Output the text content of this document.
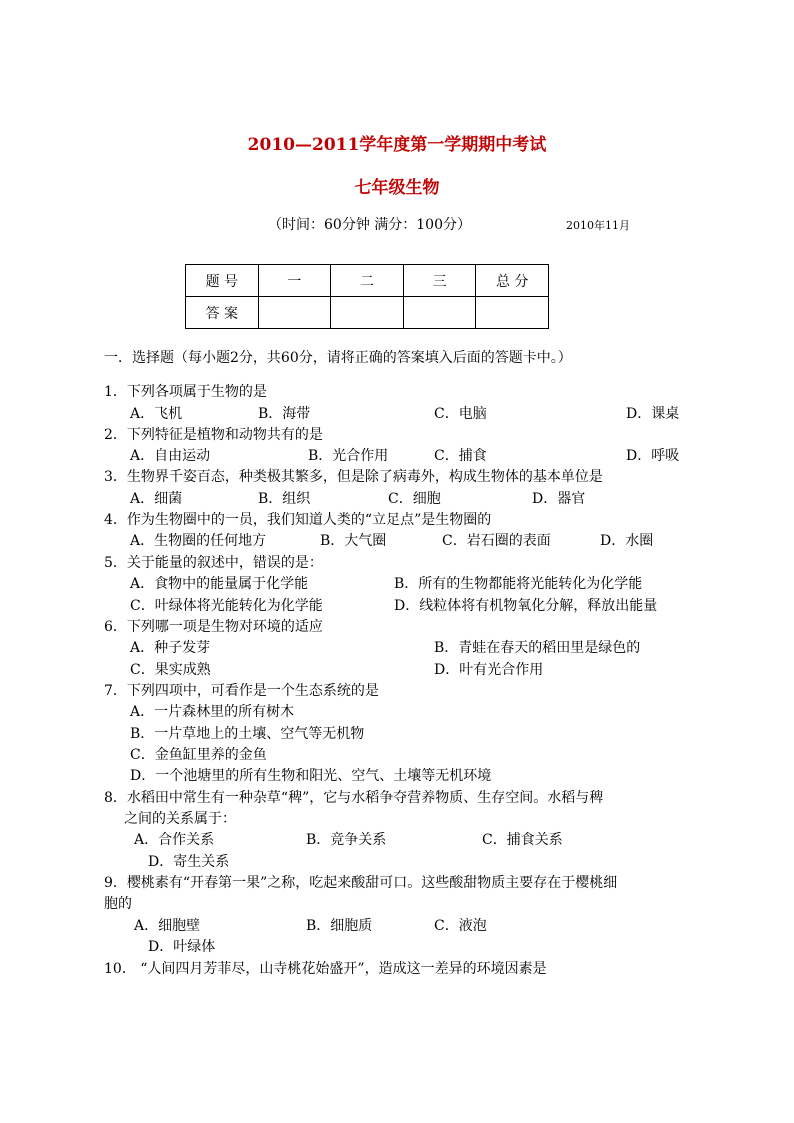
2010—2011学年度第一学期期中考试
七年级生物
（时间：60分钟 满分：100分）	2010年11月
题 号	一	二	三	总 分
答 案				
一．选择题（每小题2分，共60分，请将正确的答案填入后面的答题卡中。）
1．下列各项属于生物的是
A．飞机	B．海带	C．电脑	D．课桌
2．下列特征是植物和动物共有的是
A．自由运动	B．光合作用	C．捕食	D．呼吸
3．生物界千姿百态，种类极其繁多，但是除了病毒外，构成生物体的基本单位是
A．细菌	B．组织	C．细胞	D．器官
4．作为生物圈中的一员，我们知道人类的“立足点”是生物圈的
A．生物圈的任何地方	B．大气圈	C．岩石圈的表面	D．水圈
5．关于能量的叙述中，错误的是：
A．食物中的能量属于化学能	B．所有的生物都能将光能转化为化学能
C．叶绿体将光能转化为化学能	D．线粒体将有机物氧化分解，释放出能量
6．下列哪一项是生物对环境的适应
A．种子发芽	B．青蛙在春天的稻田里是绿色的
C．果实成熟	D．叶有光合作用
7．下列四项中，可看作是一个生态系统的是
A．一片森林里的所有树木
B．一片草地上的土壤、空气等无机物
C．金鱼缸里养的金鱼
D．一个池塘里的所有生物和阳光、空气、土壤等无机环境
8．水稻田中常生有一种杂草“稗”，它与水稻争夺营养物质、生存空间。水稻与稗
之间的关系属于：
A．合作关系	B．竞争关系	C．捕食关系
D．寄生关系
9．樱桃素有“开春第一果”之称，吃起来酸甜可口。这些酸甜物质主要存在于樱桃细
胞的
A．细胞壁	B．细胞质	C．液泡
D．叶绿体
10． “人间四月芳菲尽，山寺桃花始盛开”，造成这一差异的环境因素是
